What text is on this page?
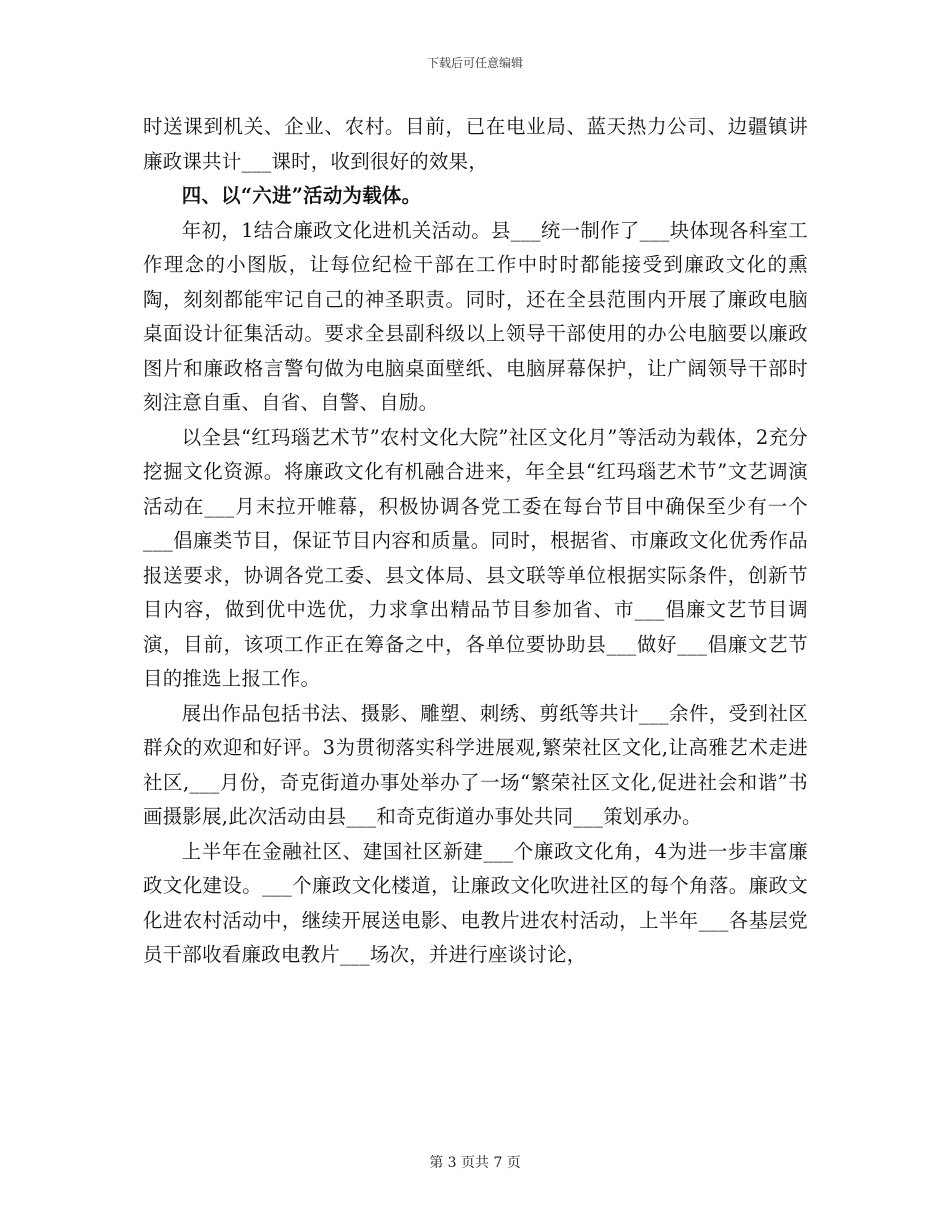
下载后可任意编辑

时送课到机关、企业、农村。目前，已在电业局、蓝天热力公司、边疆镇讲廉政课共计___课时，收到很好的效果，

四、以“六进”活动为载体。

年初，1结合廉政文化进机关活动。县___统一制作了___块体现各科室工作理念的小图版，让每位纪检干部在工作中时时都能接受到廉政文化的熏陶，刻刻都能牢记自己的神圣职责。同时，还在全县范围内开展了廉政电脑桌面设计征集活动。要求全县副科级以上领导干部使用的办公电脑要以廉政图片和廉政格言警句做为电脑桌面壁纸、电脑屏幕保护，让广阔领导干部时刻注意自重、自省、自警、自励。

以全县“红玛瑙艺术节”农村文化大院”社区文化月”等活动为载体，2充分挖掘文化资源。将廉政文化有机融合进来，年全县“红玛瑙艺术节”文艺调演活动在___月末拉开帷幕，积极协调各党工委在每台节目中确保至少有一个___倡廉类节目，保证节目内容和质量。同时，根据省、市廉政文化优秀作品报送要求，协调各党工委、县文体局、县文联等单位根据实际条件，创新节目内容，做到优中选优，力求拿出精品节目参加省、市___倡廉文艺节目调演，目前，该项工作正在筹备之中，各单位要协助县___做好___倡廉文艺节目的推选上报工作。

展出作品包括书法、摄影、雕塑、刺绣、剪纸等共计___余件，受到社区群众的欢迎和好评。3为贯彻落实科学进展观,繁荣社区文化,让高雅艺术走进社区,___月份，奇克街道办事处举办了一场“繁荣社区文化,促进社会和谐”书画摄影展,此次活动由县___和奇克街道办事处共同___策划承办。

上半年在金融社区、建国社区新建___个廉政文化角，4为进一步丰富廉政文化建设。___个廉政文化楼道，让廉政文化吹进社区的每个角落。廉政文化进农村活动中，继续开展送电影、电教片进农村活动，上半年___各基层党员干部收看廉政电教片___场次，并进行座谈讨论，

第 3 页共 7 页
